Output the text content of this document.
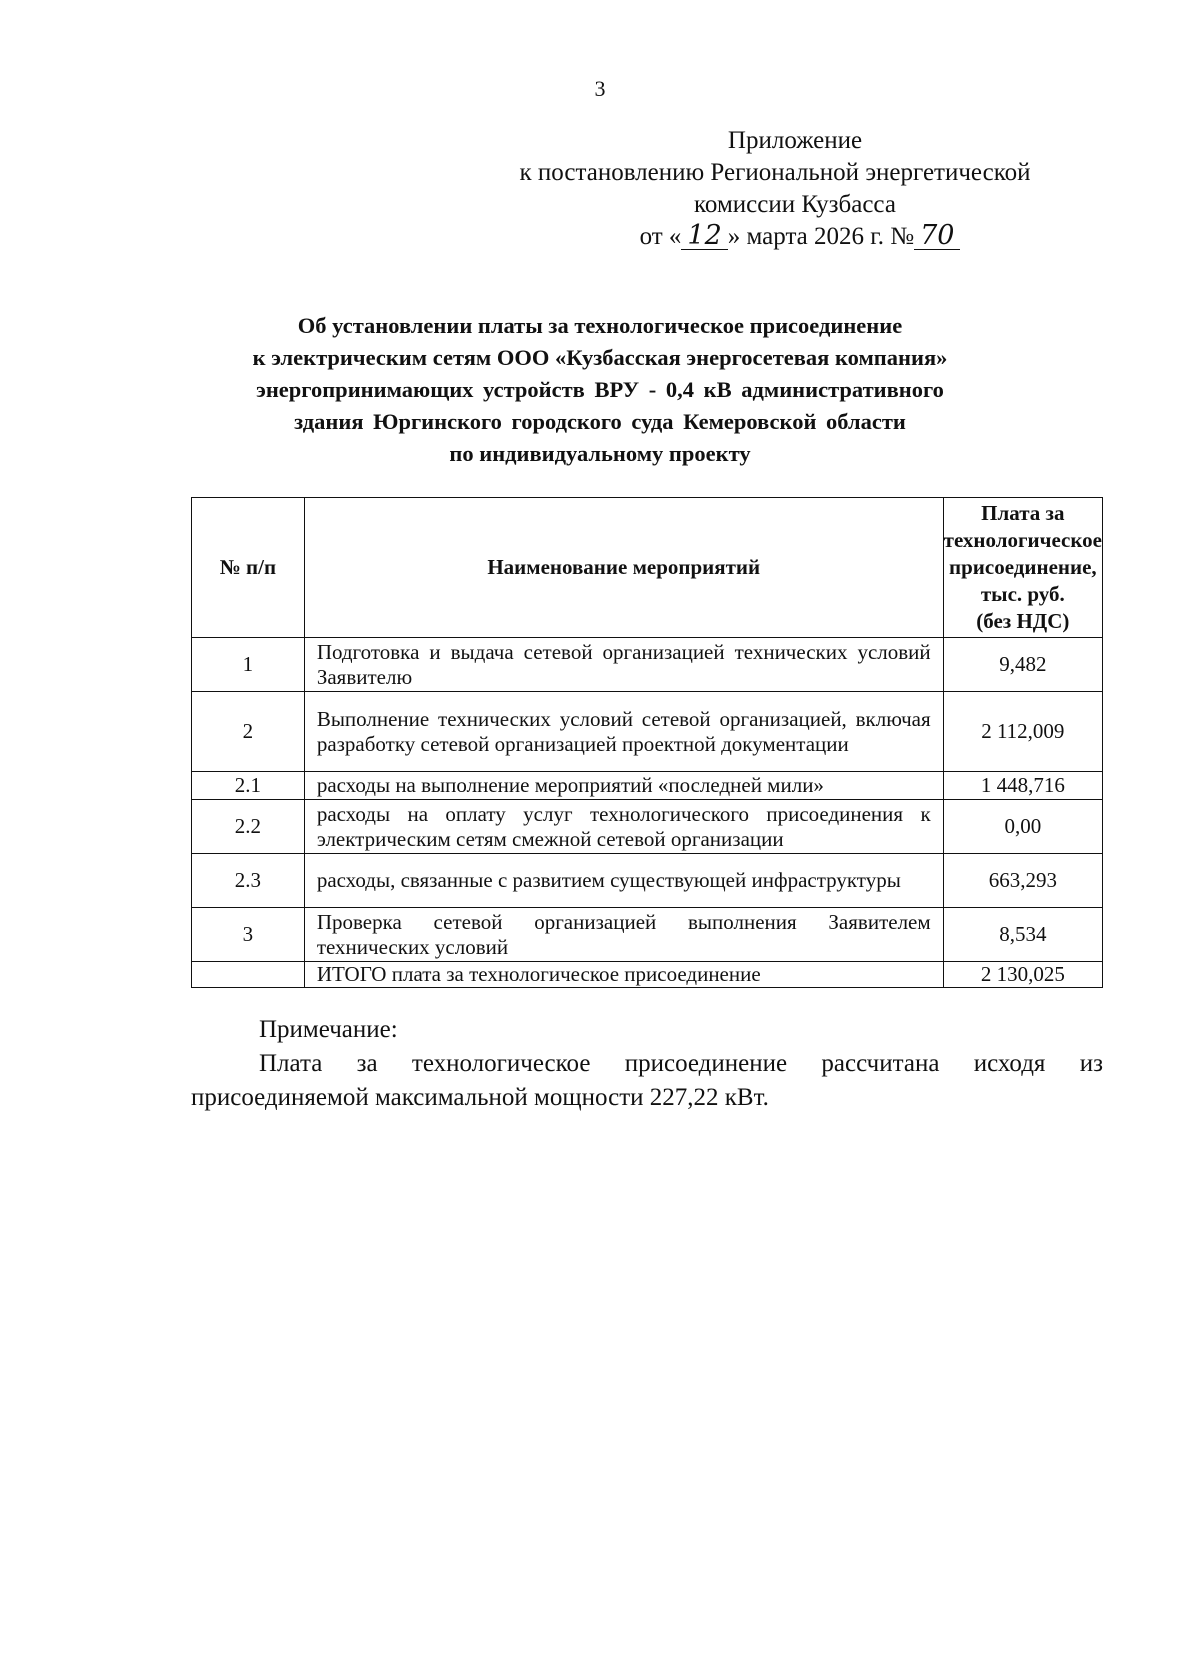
3
Приложение
к постановлению Региональной энергетической
комиссии Кузбасса
от « 12 » марта 2026 г. № 70
Об установлении платы за технологическое присоединение
к электрическим сетям ООО «Кузбасская энергосетевая компания»
энергопринимающих устройств ВРУ - 0,4 кВ административного
здания Юргинского городского суда Кемеровской области
по индивидуальному проекту
№ п/п	Наименование мероприятий	Плата за
технологическое
присоединение,
тыс. руб.
(без НДС)

1	Подготовка и выдача сетевой организацией технических условий Заявителю	9,482
2	Выполнение технических условий сетевой организацией, включая разработку сетевой организацией проектной документации	2 112,009
2.1	расходы на выполнение мероприятий «последней мили»	1 448,716
2.2	расходы на оплату услуг технологического присоединения к электрическим сетям смежной сетевой организации	0,00
2.3	расходы, связанные с развитием существующей инфраструктуры	663,293
3	Проверка сетевой организацией выполнения Заявителем технических условий	8,534
	ИТОГО плата за технологическое присоединение	2 130,025
Примечание:
Плата за технологическое присоединение рассчитана исходя из присоединяемой максимальной мощности 227,22 кВт.
